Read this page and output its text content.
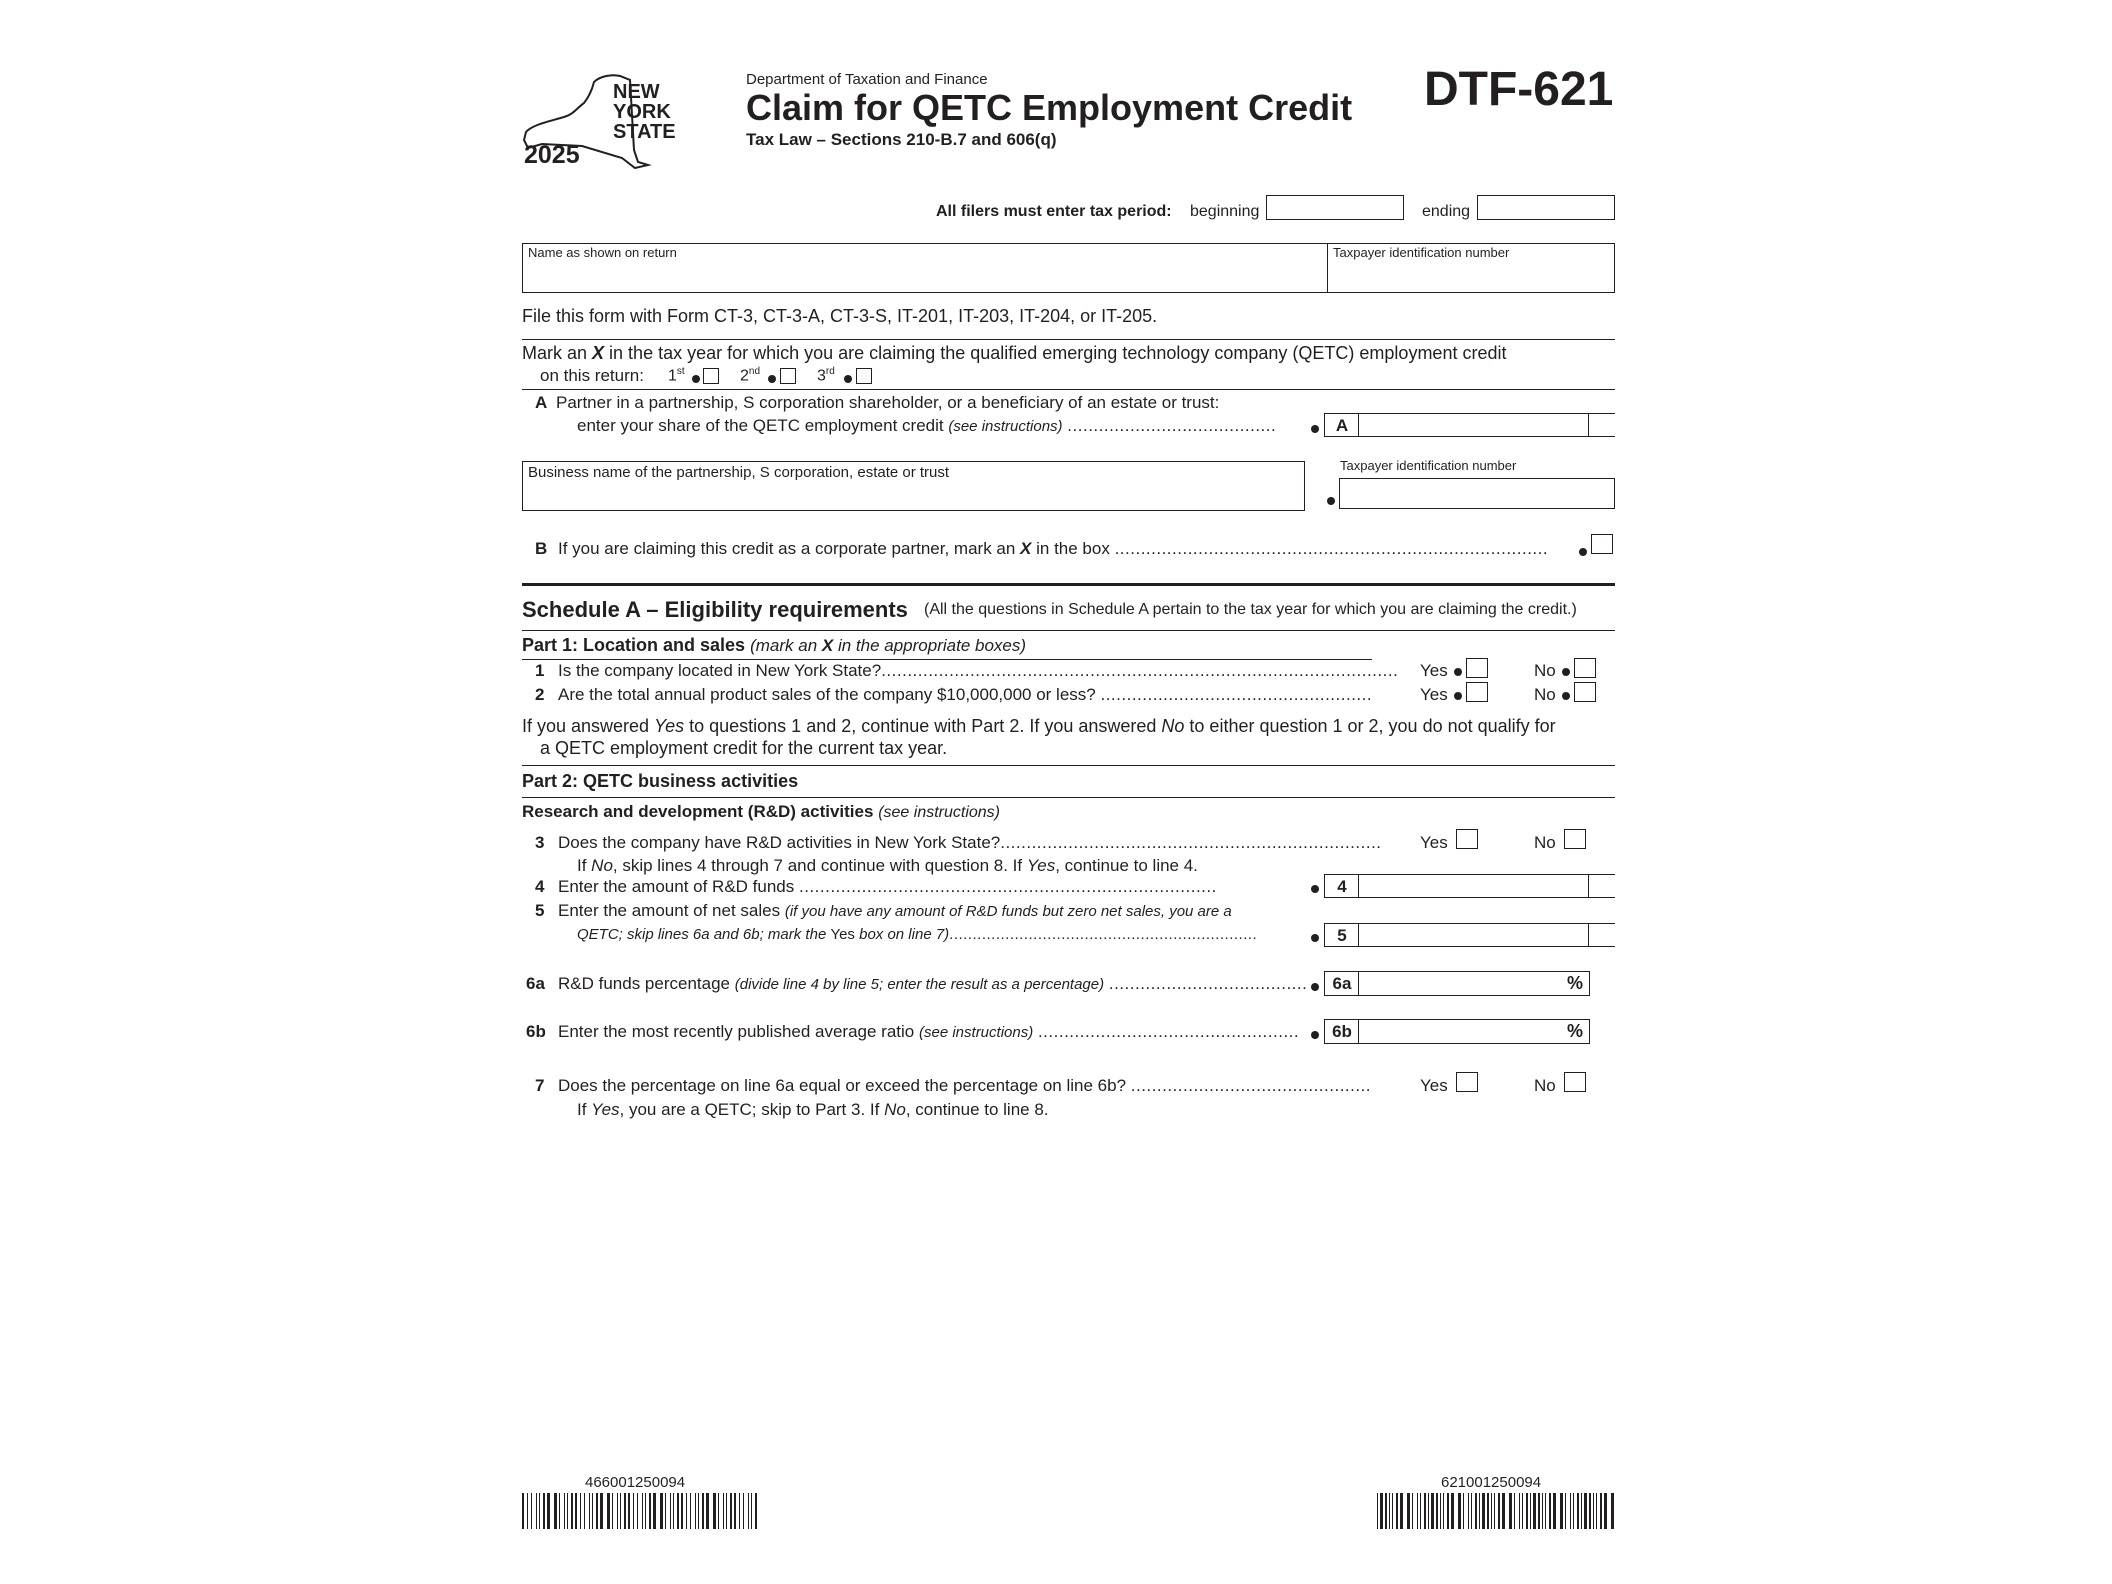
NEW
YORK
STATE
2025
Department of Taxation and Finance
Claim for QETC Employment Credit
Tax Law – Sections 210-B.7 and 606(q)
DTF-621
All filers must enter tax period: beginning	ending
Name as shown on return	Taxpayer identification number
File this form with Form CT-3, CT-3-A, CT-3-S, IT-201, IT-203, IT-204, or IT-205.
Mark an X in the tax year for which you are claiming the qualified emerging technology company (QETC) employment credit
on this return: 1st	2nd	3rd
A Partner in a partnership, S corporation shareholder, or a beneficiary of an estate or trust:
enter your share of the QETC employment credit (see instructions) ........................................	A
Business name of the partnership, S corporation, estate or trust	Taxpayer identification number
B If you are claiming this credit as a corporate partner, mark an X in the box ...................................................................................
Schedule A – Eligibility requirements (All the questions in Schedule A pertain to the tax year for which you are claiming the credit.)
Part 1: Location and sales (mark an X in the appropriate boxes)
1 Is the company located in New York State?................................................................................................... Yes	No
2 Are the total annual product sales of the company $10,000,000 or less? ....................................................	Yes	No
If you answered Yes to questions 1 and 2, continue with Part 2. If you answered No to either question 1 or 2, you do not qualify for
a QETC employment credit for the current tax year.
Part 2: QETC business activities
Research and development (R&D) activities (see instructions)
3 Does the company have R&D activities in New York State?......................................................................... Yes	No
If No, skip lines 4 through 7 and continue with question 8. If Yes, continue to line 4.
4 Enter the amount of R&D funds ................................................................................	4
5 Enter the amount of net sales (if you have any amount of R&D funds but zero net sales, you are a
QETC; skip lines 6a and 6b; mark the Yes box on line 7)..................................................................	5
6a R&D funds percentage (divide line 4 by line 5; enter the result as a percentage) ......................................	6a	%
6b Enter the most recently published average ratio (see instructions) ..................................................	6b	%
7 Does the percentage on line 6a equal or exceed the percentage on line 6b? ..............................................	Yes	No
If Yes, you are a QETC; skip to Part 3. If No, continue to line 8.
466001250094	621001250094
